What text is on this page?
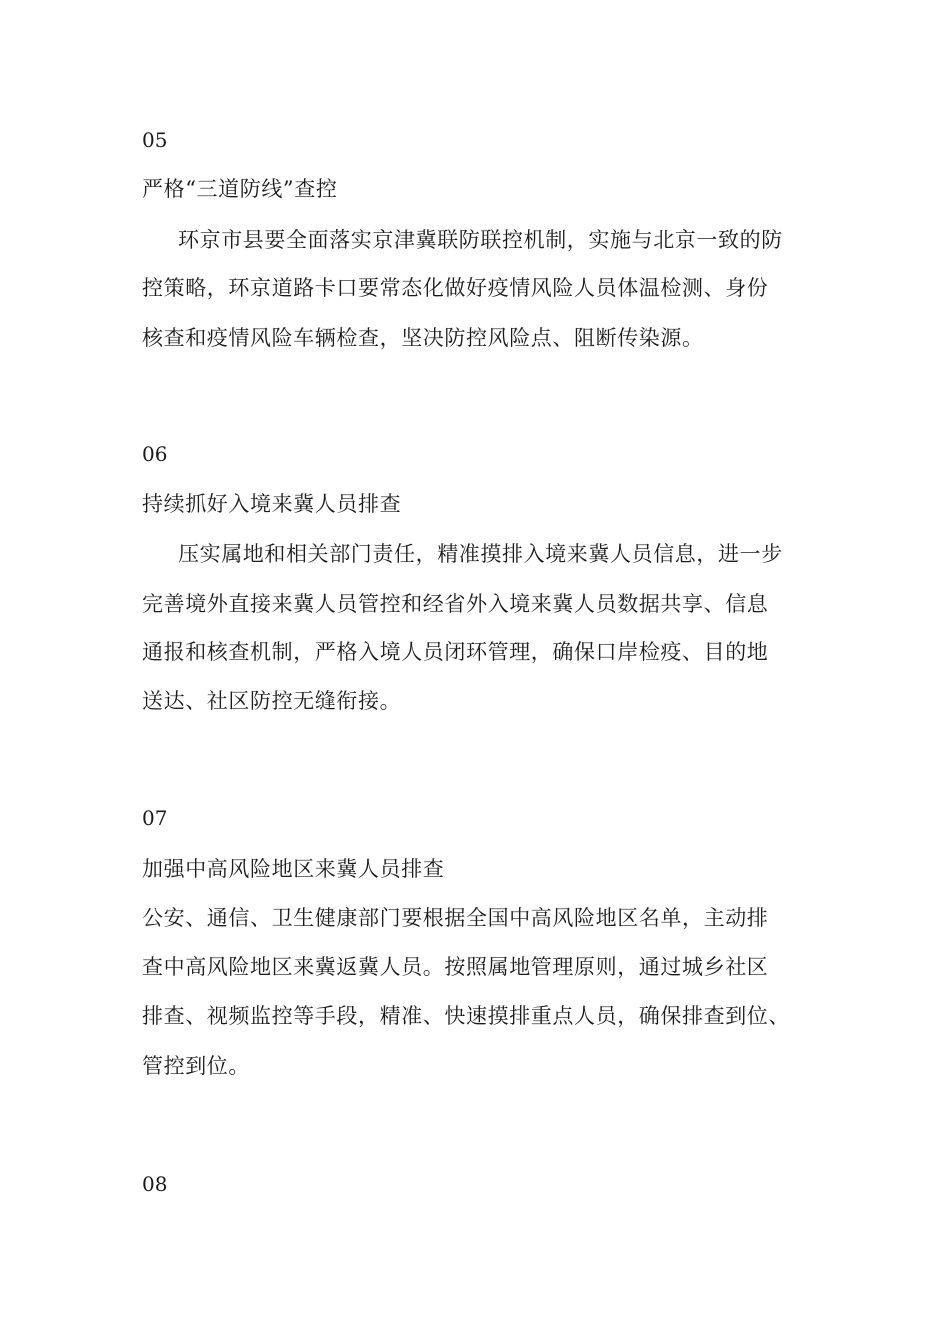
05
严格“三道防线”查控
环京市县要全面落实京津冀联防联控机制，实施与北京一致的防
控策略，环京道路卡口要常态化做好疫情风险人员体温检测、身份
核查和疫情风险车辆检查，坚决防控风险点、阻断传染源。
06
持续抓好入境来冀人员排查
压实属地和相关部门责任，精准摸排入境来冀人员信息，进一步
完善境外直接来冀人员管控和经省外入境来冀人员数据共享、信息
通报和核查机制，严格入境人员闭环管理，确保口岸检疫、目的地
送达、社区防控无缝衔接。
07
加强中高风险地区来冀人员排查
公安、通信、卫生健康部门要根据全国中高风险地区名单，主动排
查中高风险地区来冀返冀人员。按照属地管理原则，通过城乡社区
排查、视频监控等手段，精准、快速摸排重点人员，确保排查到位、
管控到位。
08
